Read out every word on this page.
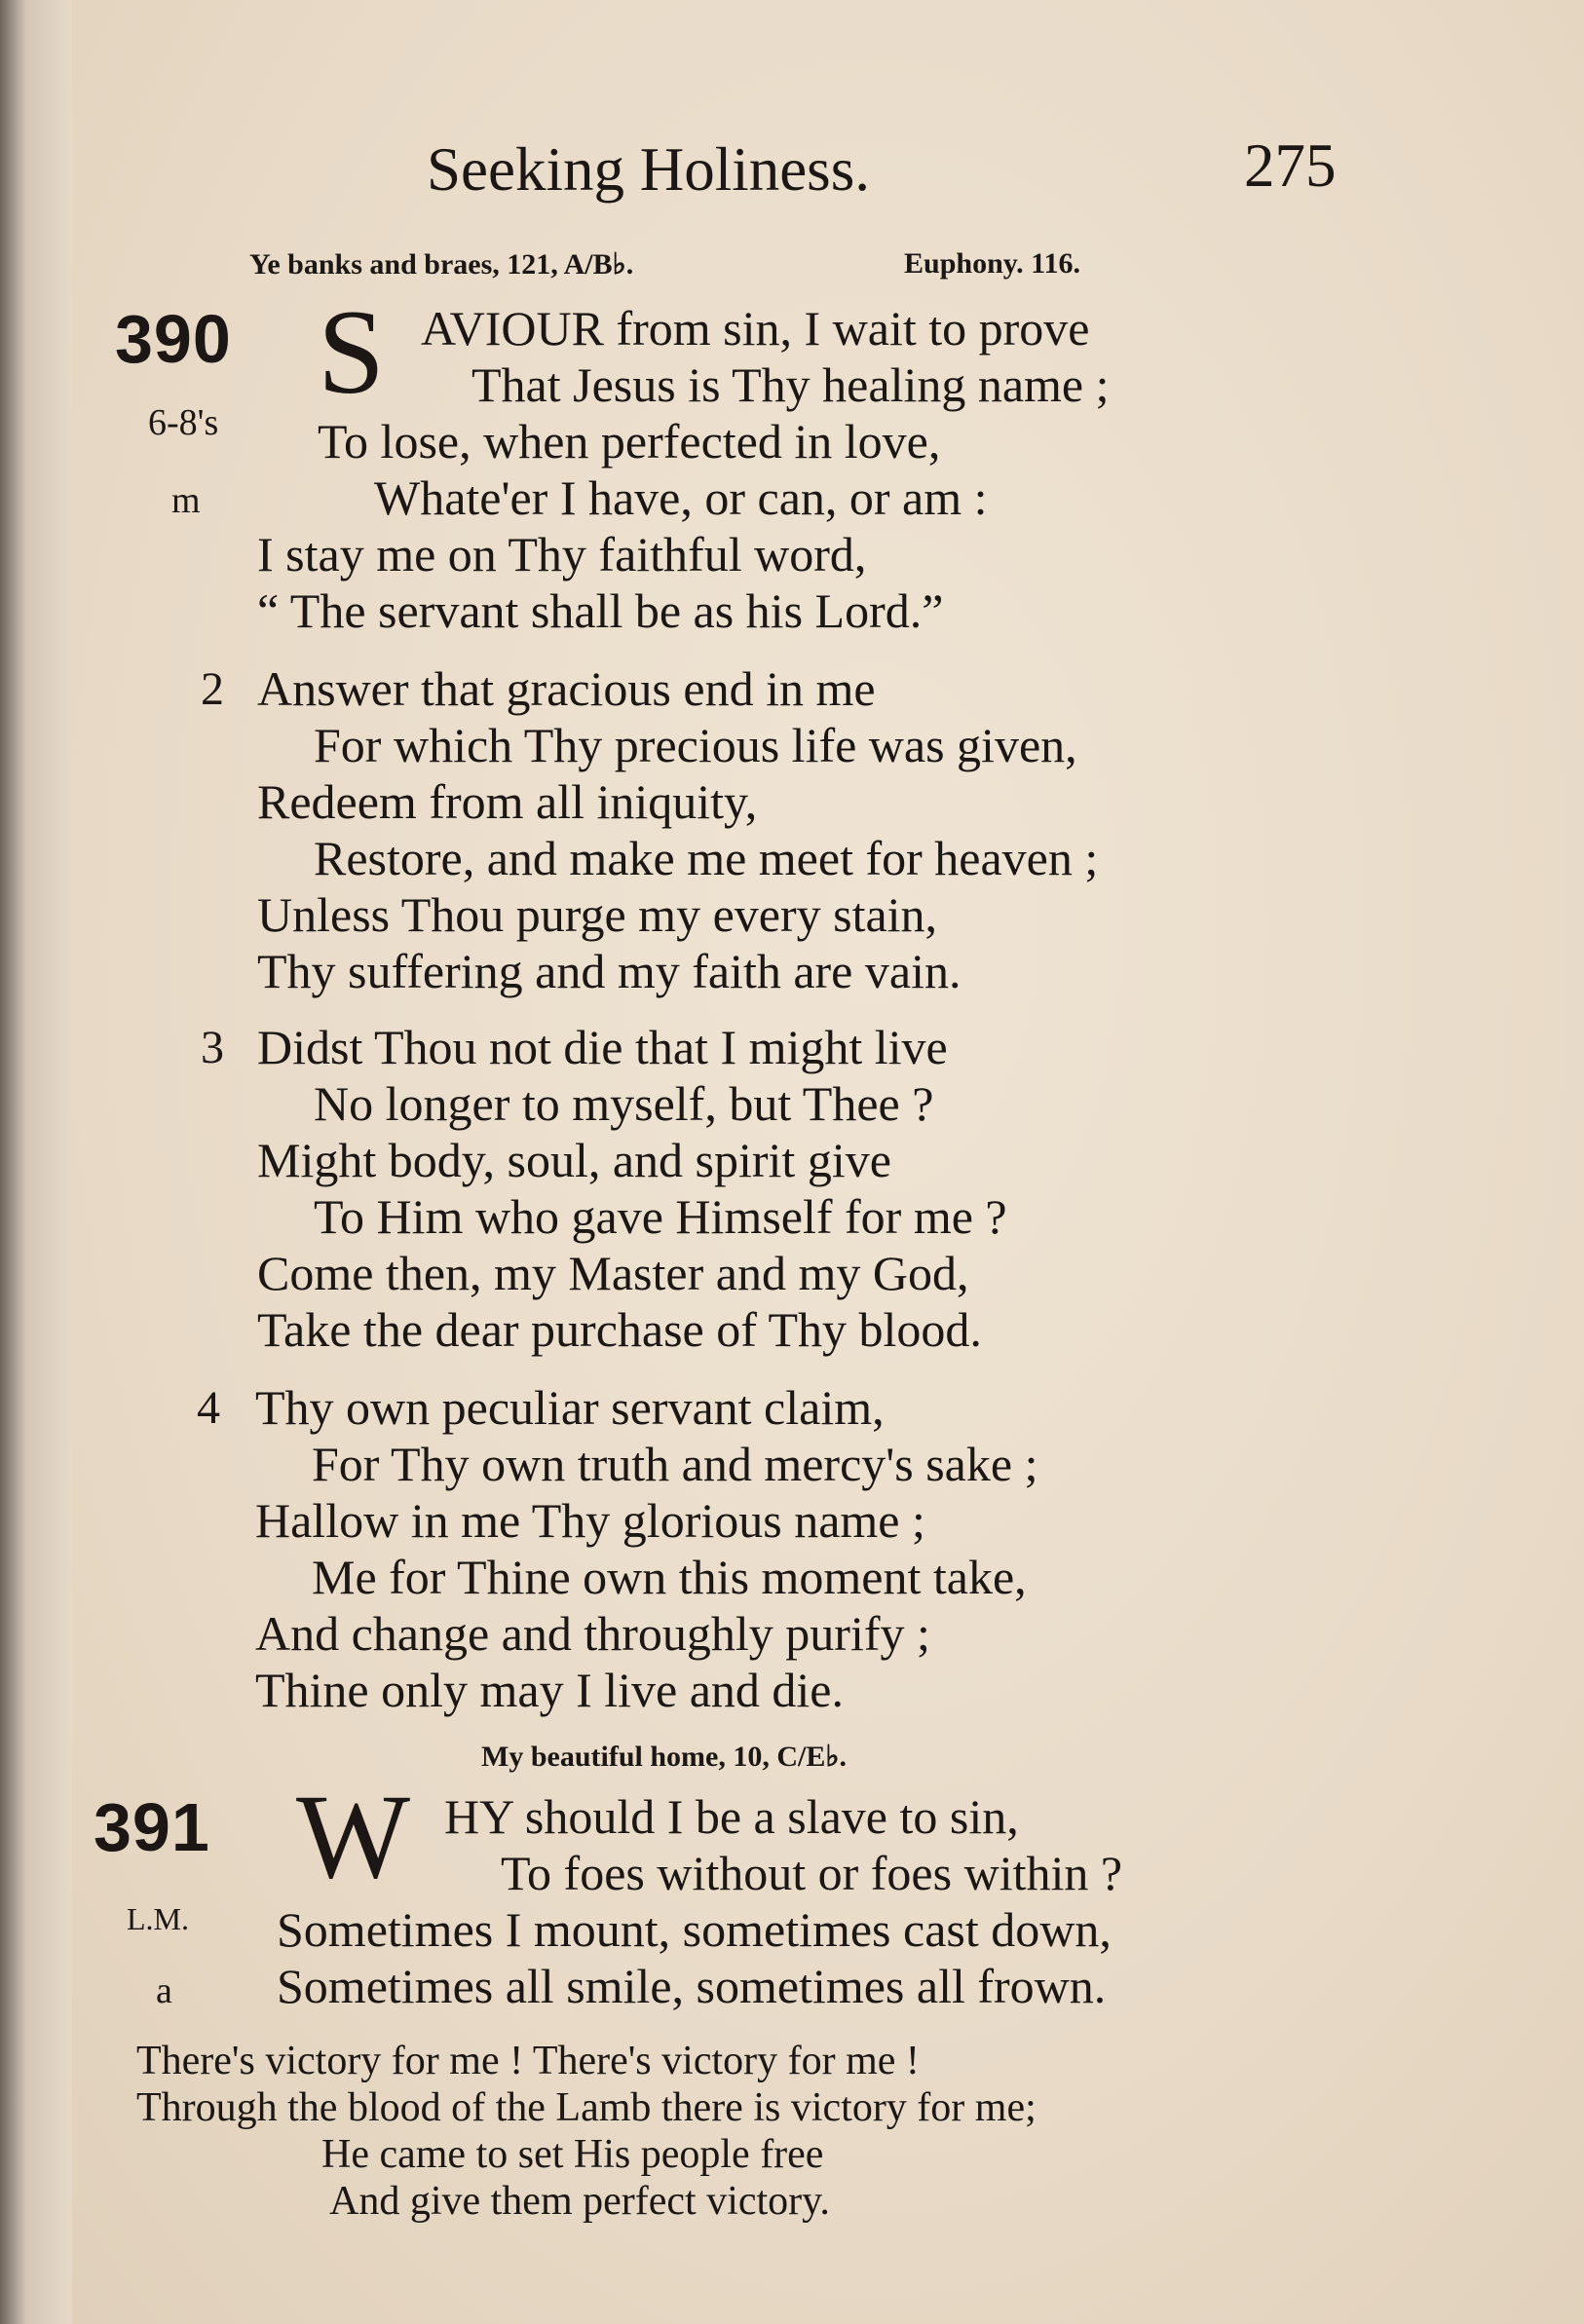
Seeking Holiness.	275
Ye banks and braes, 121, A/B♭.	Euphony. 116.
390
6-8's
m
S AVIOUR from sin, I wait to prove
That Jesus is Thy healing name ;
To lose, when perfected in love,
Whate'er I have, or can, or am :
I stay me on Thy faithful word,
“ The servant shall be as his Lord.”
2 Answer that gracious end in me
For which Thy precious life was given,
Redeem from all iniquity,
Restore, and make me meet for heaven ;
Unless Thou purge my every stain,
Thy suffering and my faith are vain.
3 Didst Thou not die that I might live
No longer to myself, but Thee ?
Might body, soul, and spirit give
To Him who gave Himself for me ?
Come then, my Master and my God,
Take the dear purchase of Thy blood.
4 Thy own peculiar servant claim,
For Thy own truth and mercy's sake ;
Hallow in me Thy glorious name ;
Me for Thine own this moment take,
And change and throughly purify ;
Thine only may I live and die.
My beautiful home, 10, C/E♭.
391
L.M.
a
W HY should I be a slave to sin,
To foes without or foes within ?
Sometimes I mount, sometimes cast down,
Sometimes all smile, sometimes all frown.
There's victory for me ! There's victory for me !
Through the blood of the Lamb there is victory for me;
He came to set His people free
And give them perfect victory.
